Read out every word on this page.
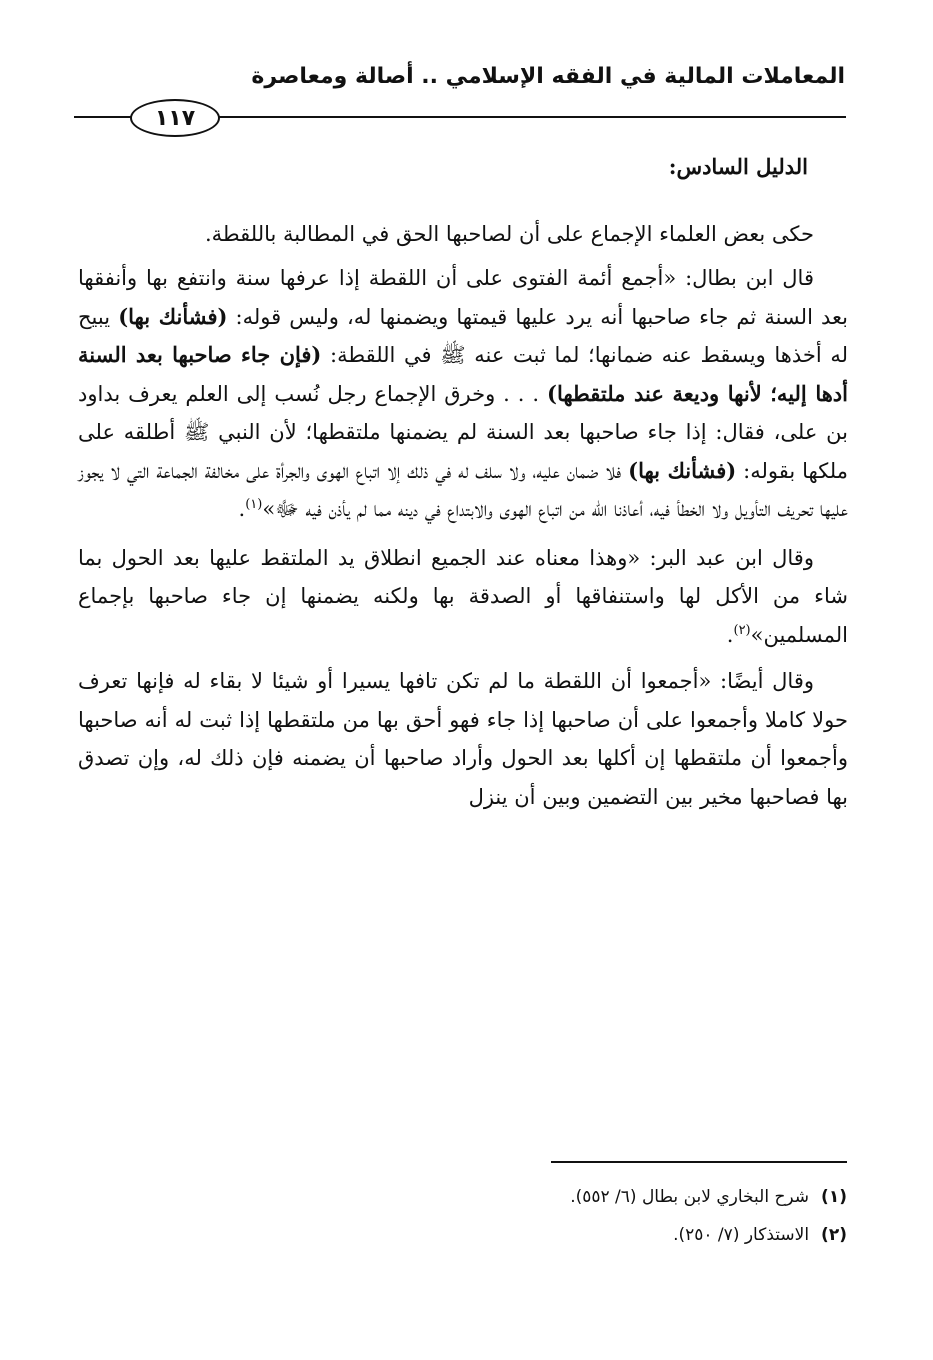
المعاملات المالية في الفقه الإسلامي .. أصالة ومعاصرة
١١٧

الدليل السادس:

حكى بعض العلماء الإجماع على أن لصاحبها الحق في المطالبة باللقطة.

قال ابن بطال: «أجمع أئمة الفتوى على أن اللقطة إذا عرفها سنة وانتفع بها وأنفقها بعد السنة ثم جاء صاحبها أنه يرد عليها قيمتها ويضمنها له، وليس قوله: (فشأنك بها) يبيح له أخذها ويسقط عنه ضمانها؛ لما ثبت عنه ﷺ في اللقطة: (فإن جاء صاحبها بعد السنة أدها إليه؛ لأنها وديعة عند ملتقطها) . . . وخرق الإجماع رجل نُسب إلى العلم يعرف بداود بن على، فقال: إذا جاء صاحبها بعد السنة لم يضمنها ملتقطها؛ لأن النبي ﷺ أطلقه على ملكها بقوله: (فشأنك بها) فلا ضمان عليه، ولا سلف له في ذلك إلا اتباع الهوى والجرأة على مخالفة الجماعة التي لا يجوز عليها تحريف التأويل ولا الخطأ فيه، أعاذنا الله من اتباع الهوى والابتداع في دينه مما لم يأذن فيه ﷻ»$^{(١)}$.

وقال ابن عبد البر: «وهذا معناه عند الجميع انطلاق يد الملتقط عليها بعد الحول بما شاء من الأكل لها واستنفاقها أو الصدقة بها ولكنه يضمنها إن جاء صاحبها بإجماع المسلمين»$^{(٢)}$.

وقال أيضًا: «أجمعوا أن اللقطة ما لم تكن تافها يسيرا أو شيئا لا بقاء له فإنها تعرف حولا كاملا وأجمعوا على أن صاحبها إذا جاء فهو أحق بها من ملتقطها إذا ثبت له أنه صاحبها وأجمعوا أن ملتقطها إن أكلها بعد الحول وأراد صاحبها أن يضمنه فإن ذلك له، وإن تصدق بها فصاحبها مخير بين التضمين وبين أن ينزل

(١)
شرح البخاري لابن بطال (٦/ ٥٥٢).
(٢)
الاستذكار (٧/ ٢٥٠).
